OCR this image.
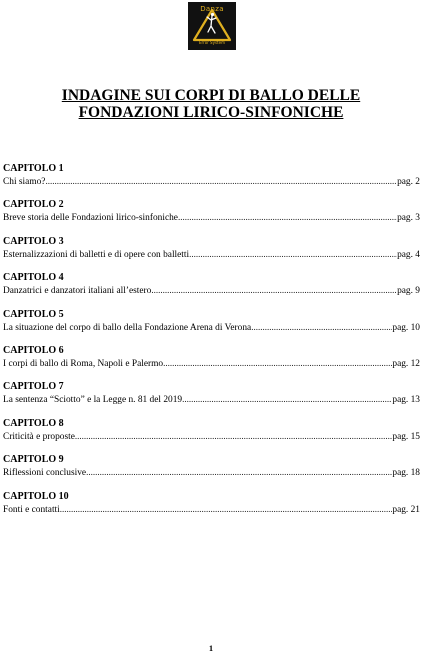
Danza
Error System
INDAGINE SUI CORPI DI BALLO DELLE
FONDAZIONI LIRICO-SINFONICHE
CAPITOLO 1
Chi siamo? .....	pag. 2
CAPITOLO 2
Breve storia delle Fondazioni lirico-sinfoniche .....	pag. 3
CAPITOLO 3
Esternalizzazioni di balletti e di opere con balletti .....	pag. 4
CAPITOLO 4
Danzatrici e danzatori italiani all’estero .....	pag. 9
CAPITOLO 5
La situazione del corpo di ballo della Fondazione Arena di Verona .....	pag. 10
CAPITOLO 6
I corpi di ballo di Roma, Napoli e Palermo .....	pag. 12
CAPITOLO 7
La sentenza “Sciotto” e la Legge n. 81 del 2019 .....	pag. 13
CAPITOLO 8
Criticità e proposte .....	pag. 15
CAPITOLO 9
Riflessioni conclusive .....	pag. 18
CAPITOLO 10
Fonti e contatti .....	pag. 21
1
